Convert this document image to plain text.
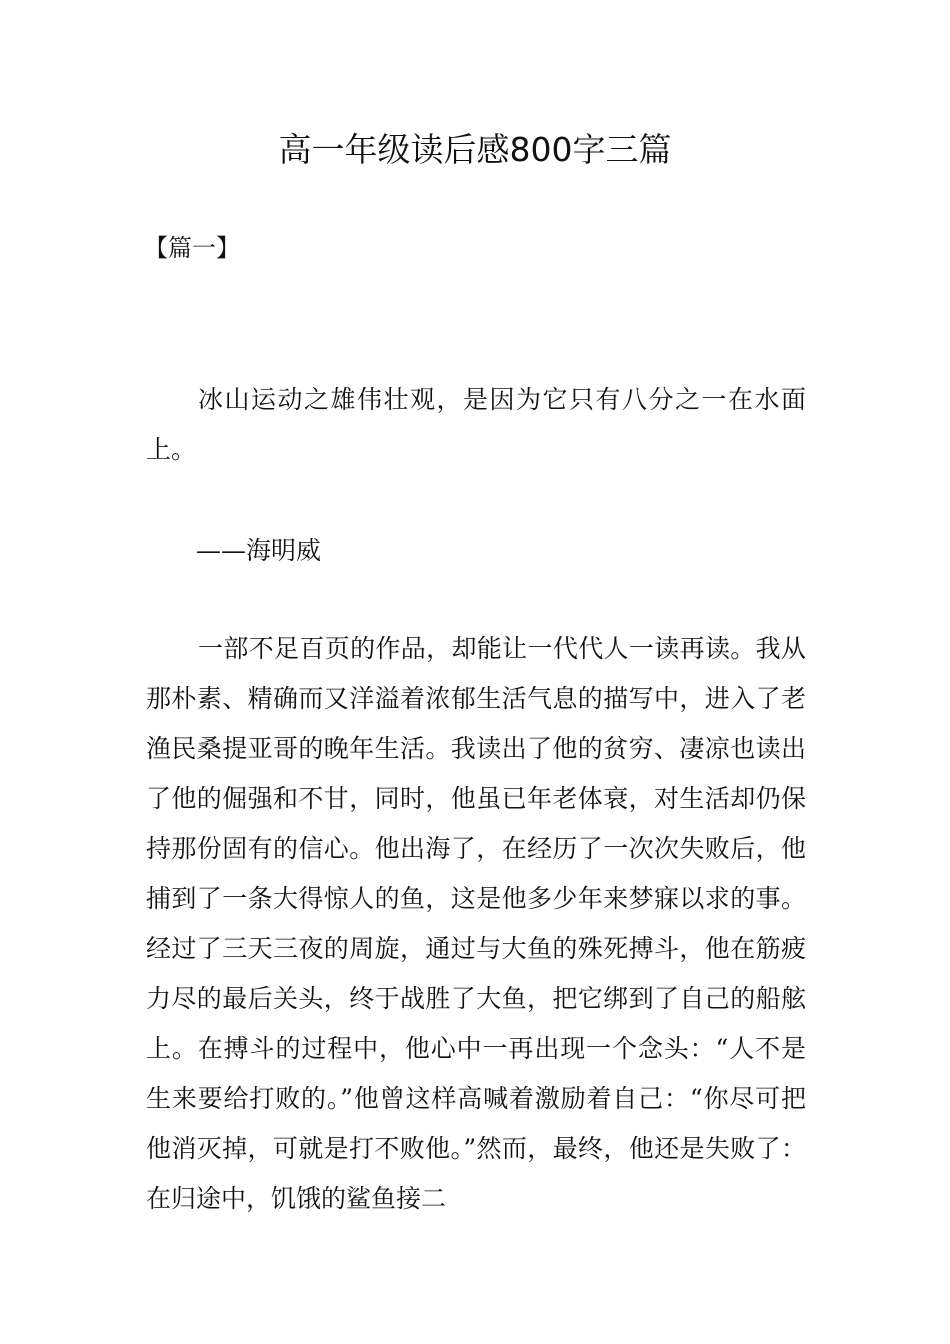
高一年级读后感800字三篇

【篇一】

冰山运动之雄伟壮观，是因为它只有八分之一在水面上。

——海明威

一部不足百页的作品，却能让一代代人一读再读。我从那朴素、精确而又洋溢着浓郁生活气息的描写中，进入了老渔民桑提亚哥的晚年生活。我读出了他的贫穷、凄凉也读出了他的倔强和不甘，同时，他虽已年老体衰，对生活却仍保持那份固有的信心。他出海了，在经历了一次次失败后，他捕到了一条大得惊人的鱼，这是他多少年来梦寐以求的事。经过了三天三夜的周旋，通过与大鱼的殊死搏斗，他在筋疲力尽的最后关头，终于战胜了大鱼，把它绑到了自己的船舷上。在搏斗的过程中，他心中一再出现一个念头：“人不是生来要给打败的。”他曾这样高喊着激励着自己：“你尽可把他消灭掉，可就是打不败他。”然而，最终，他还是失败了：在归途中，饥饿的鲨鱼接二
